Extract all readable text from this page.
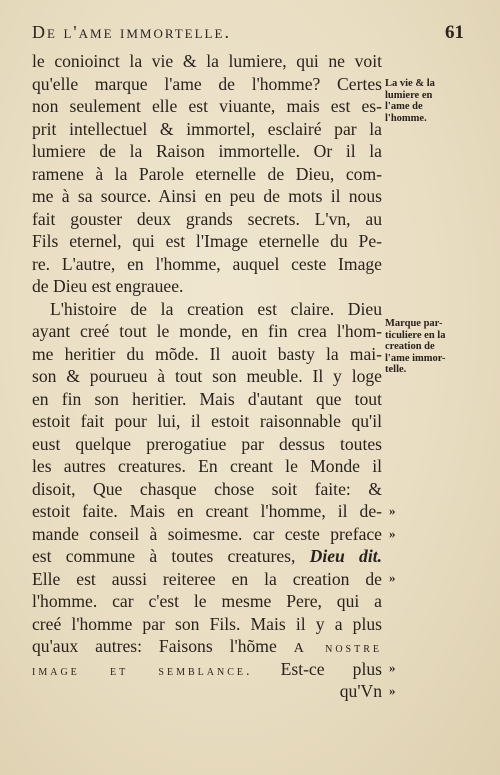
De l'ame immortelle.	61
le conioinct la vie & la lumiere, qui ne voit
qu'elle marque l'ame de l'homme? Certes
non seulement elle est viuante, mais est es-
prit intellectuel & immortel, esclairé par la
lumiere de la Raison immortelle. Or il la
ramene à la Parole eternelle de Dieu, com-
me à sa source. Ainsi en peu de mots il nous
fait gouster deux grands secrets. L'vn, au
Fils eternel, qui est l'Image eternelle du Pe-
re. L'autre, en l'homme, auquel ceste Image
de Dieu est engrauee.
L'histoire de la creation est claire. Dieu
ayant creé tout le monde, en fin crea l'hom-
me heritier du mõde. Il auoit basty la mai-
son & pourueu à tout son meuble. Il y loge
en fin son heritier. Mais d'autant que tout
estoit fait pour lui, il estoit raisonnable qu'il
eust quelque prerogatiue par dessus toutes
les autres creatures. En creant le Monde il
disoit, Que chasque chose soit faite: &
estoit faite. Mais en creant l'homme, il de-
mande conseil à soimesme. car ceste preface
est commune à toutes creatures, Dieu dit.
Elle est aussi reiteree en la creation de
l'homme. car c'est le mesme Pere, qui a
creé l'homme par son Fils. Mais il y a plus
qu'aux autres: Faisons l'hõme A nostre
image et semblance. Est-ce plus
qu'Vn
La vie & la
lumiere en
l'ame de
l'homme.
Marque par-
ticuliere en la
creation de
l'ame immor-
telle.
»
»
»
»
»
